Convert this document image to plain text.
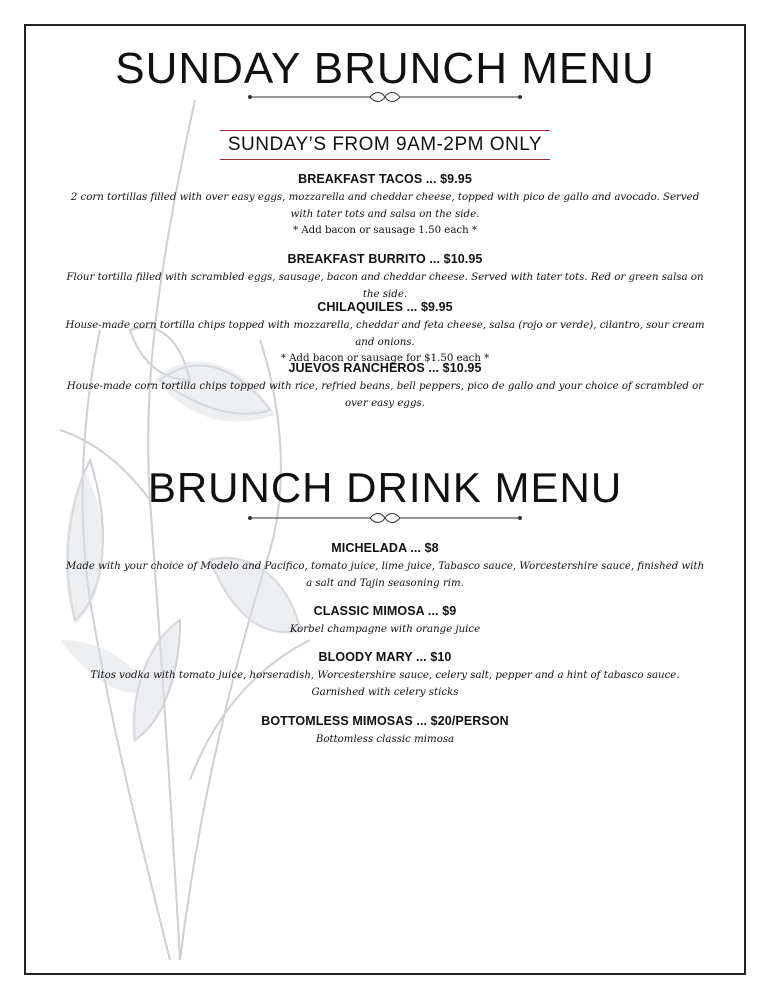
SUNDAY BRUNCH MENU
SUNDAY’S FROM 9AM-2PM ONLY
BREAKFAST TACOS ... $9.95
2 corn tortillas filled with over easy eggs, mozzarella and cheddar cheese, topped with pico de gallo and avocado. Served with tater tots and salsa on the side.
* Add bacon or sausage 1.50 each *
BREAKFAST BURRITO ... $10.95
Flour tortilla filled with scrambled eggs, sausage, bacon and cheddar cheese. Served with tater tots. Red or green salsa on the side.
CHILAQUILES ... $9.95
House-made corn tortilla chips topped with mozzarella, cheddar and feta cheese, salsa (rojo or verde), cilantro, sour cream and onions.
* Add bacon or sausage for $1.50 each *
JUEVOS RANCHEROS ... $10.95
House-made corn tortilla chips topped with rice, refried beans, bell peppers, pico de gallo and your choice of scrambled or over easy eggs.
BRUNCH DRINK MENU
MICHELADA ... $8
Made with your choice of Modelo and Pacifico, tomato juice, lime juice, Tabasco sauce, Worcestershire sauce, finished with a salt and Tajin seasoning rim.
CLASSIC MIMOSA ... $9
Korbel champagne with orange juice
BLOODY MARY ... $10
Titos vodka with tomato juice, horseradish, Worcestershire sauce, celery salt, pepper and a hint of tabasco sauce. Garnished with celery sticks
BOTTOMLESS MIMOSAS ... $20/PERSON
Bottomless classic mimosa
